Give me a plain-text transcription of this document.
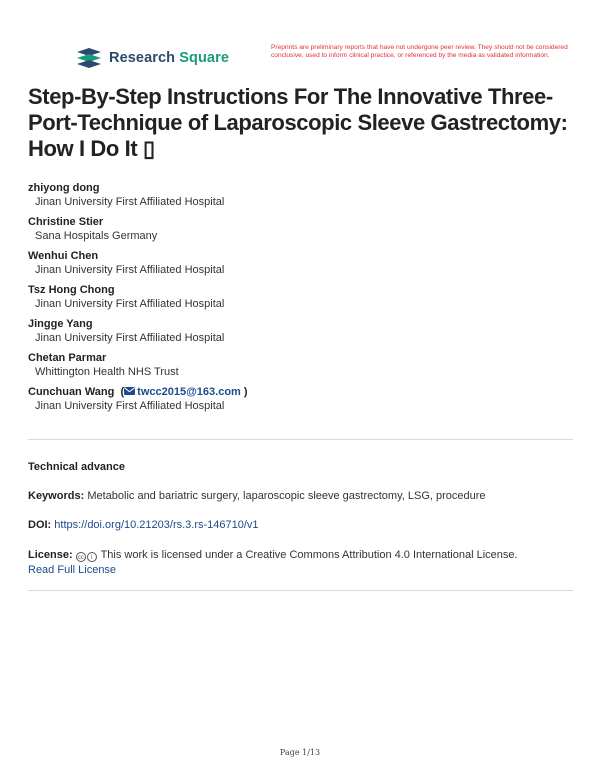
Research Square
Preprints are preliminary reports that have not undergone peer review. They should not be considered conclusive, used to inform clinical practice, or referenced by the media as validated information.
Step-By-Step Instructions For The Innovative Three-Port-Technique of Laparoscopic Sleeve Gastrectomy: How I Do It ▯
zhiyong dong
Jinan University First Affiliated Hospital
Christine Stier
Sana Hospitals Germany
Wenhui Chen
Jinan University First Affiliated Hospital
Tsz Hong Chong
Jinan University First Affiliated Hospital
Jingge Yang
Jinan University First Affiliated Hospital
Chetan Parmar
Whittington Health NHS Trust
Cunchuan Wang  ( twcc2015@163.com )
Jinan University First Affiliated Hospital
Technical advance
Keywords: Metabolic and bariatric surgery, laparoscopic sleeve gastrectomy, LSG, procedure
DOI: https://doi.org/10.21203/rs.3.rs-146710/v1
License: cc i This work is licensed under a Creative Commons Attribution 4.0 International License.
Read Full License
Page 1/13
